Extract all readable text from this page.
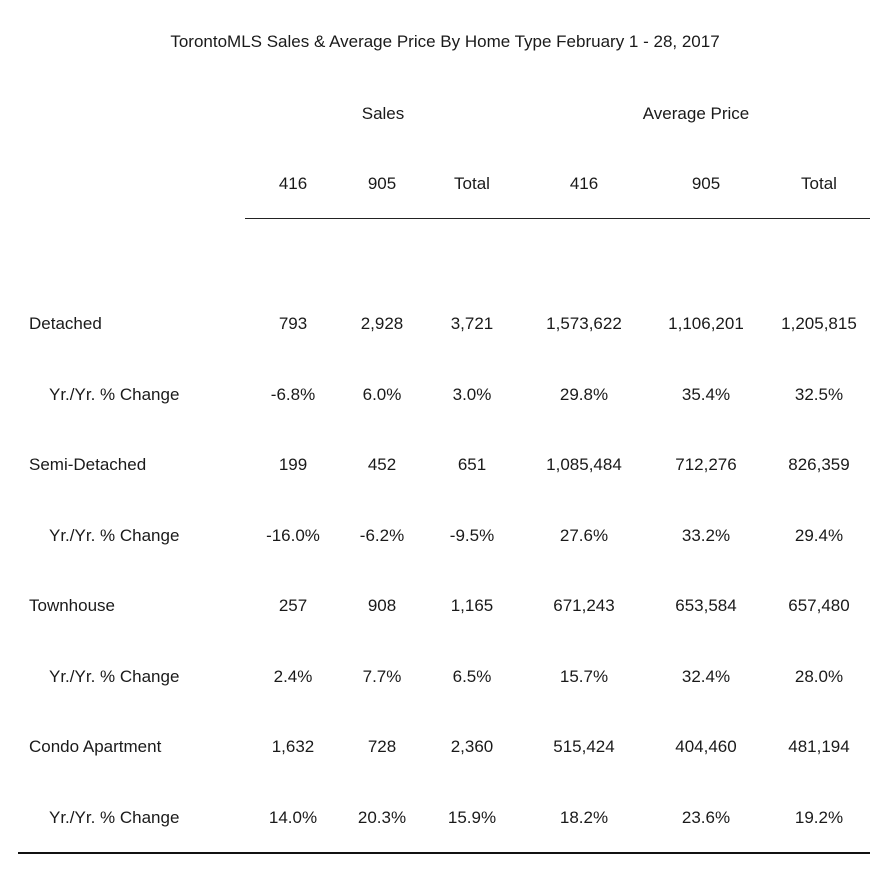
TorontoMLS Sales & Average Price By Home Type February 1 - 28, 2017
Sales	Average Price
416	905	Total	416	905	Total
Detached	793	2,928	3,721	1,573,622	1,106,201	1,205,815
Yr./Yr. % Change	-6.8%	6.0%	3.0%	29.8%	35.4%	32.5%
Semi-Detached	199	452	651	1,085,484	712,276	826,359
Yr./Yr. % Change	-16.0%	-6.2%	-9.5%	27.6%	33.2%	29.4%
Townhouse	257	908	1,165	671,243	653,584	657,480
Yr./Yr. % Change	2.4%	7.7%	6.5%	15.7%	32.4%	28.0%
Condo Apartment	1,632	728	2,360	515,424	404,460	481,194
Yr./Yr. % Change	14.0%	20.3%	15.9%	18.2%	23.6%	19.2%
